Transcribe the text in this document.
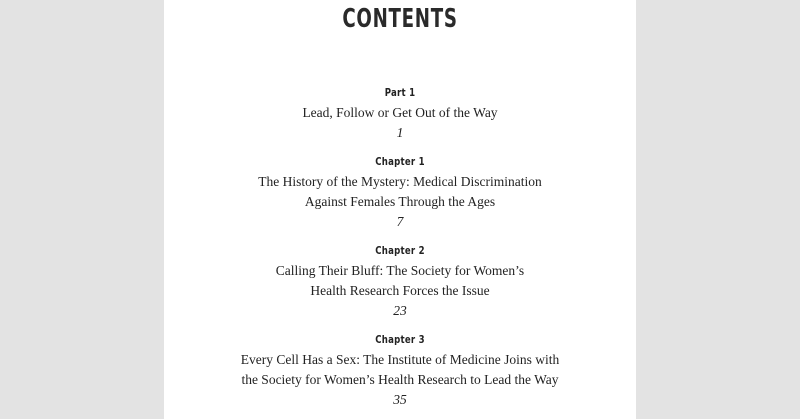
CONTENTS
Part 1
Lead, Follow or Get Out of the Way
1
Chapter 1
The History of the Mystery: Medical Discrimination
Against Females Through the Ages
7
Chapter 2
Calling Their Bluff: The Society for Women’s
Health Research Forces the Issue
23
Chapter 3
Every Cell Has a Sex: The Institute of Medicine Joins with
the Society for Women’s Health Research to Lead the Way
35
